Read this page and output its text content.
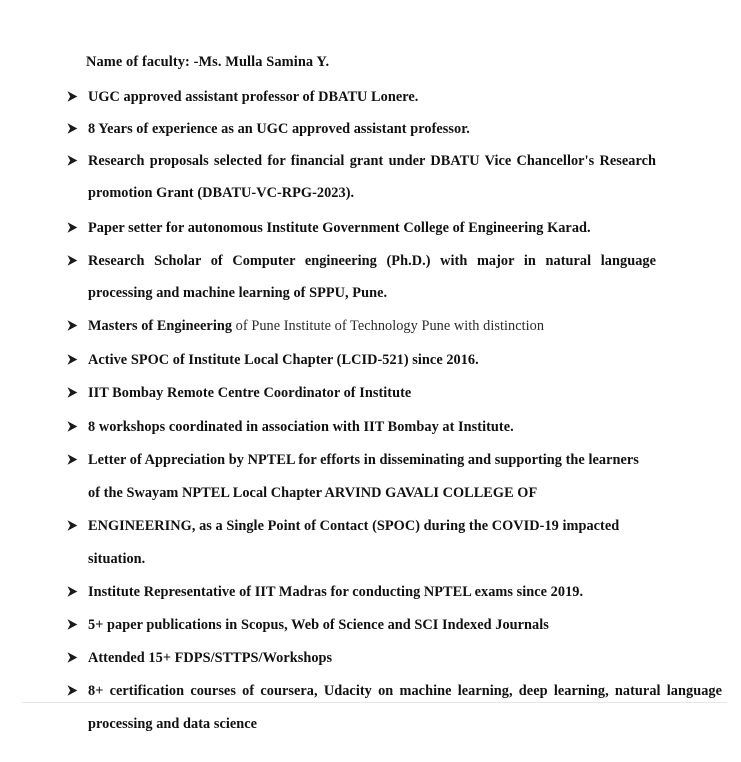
Name of faculty: -Ms. Mulla Samina Y.
UGC approved assistant professor of DBATU Lonere.
8 Years of experience as an UGC approved assistant professor.
Research proposals selected for financial grant under DBATU Vice Chancellor's Research
promotion Grant (DBATU-VC-RPG-2023).
Paper setter for autonomous Institute Government College of Engineering Karad.
Research Scholar of Computer engineering (Ph.D.) with major in natural language
processing and machine learning of SPPU, Pune.
Masters of Engineering of Pune Institute of Technology Pune with distinction
Active SPOC of Institute Local Chapter (LCID-521) since 2016.
IIT Bombay Remote Centre Coordinator of Institute
8 workshops coordinated in association with IIT Bombay at Institute.
Letter of Appreciation by NPTEL for efforts in disseminating and supporting the learners
of the Swayam NPTEL Local Chapter ARVIND GAVALI COLLEGE OF
ENGINEERING, as a Single Point of Contact (SPOC) during the COVID-19 impacted
situation.
Institute Representative of IIT Madras for conducting NPTEL exams since 2019.
5+ paper publications in Scopus, Web of Science and SCI Indexed Journals
Attended 15+ FDPS/STTPS/Workshops
8+ certification courses of coursera, Udacity on machine learning, deep learning, natural language
processing and data science
